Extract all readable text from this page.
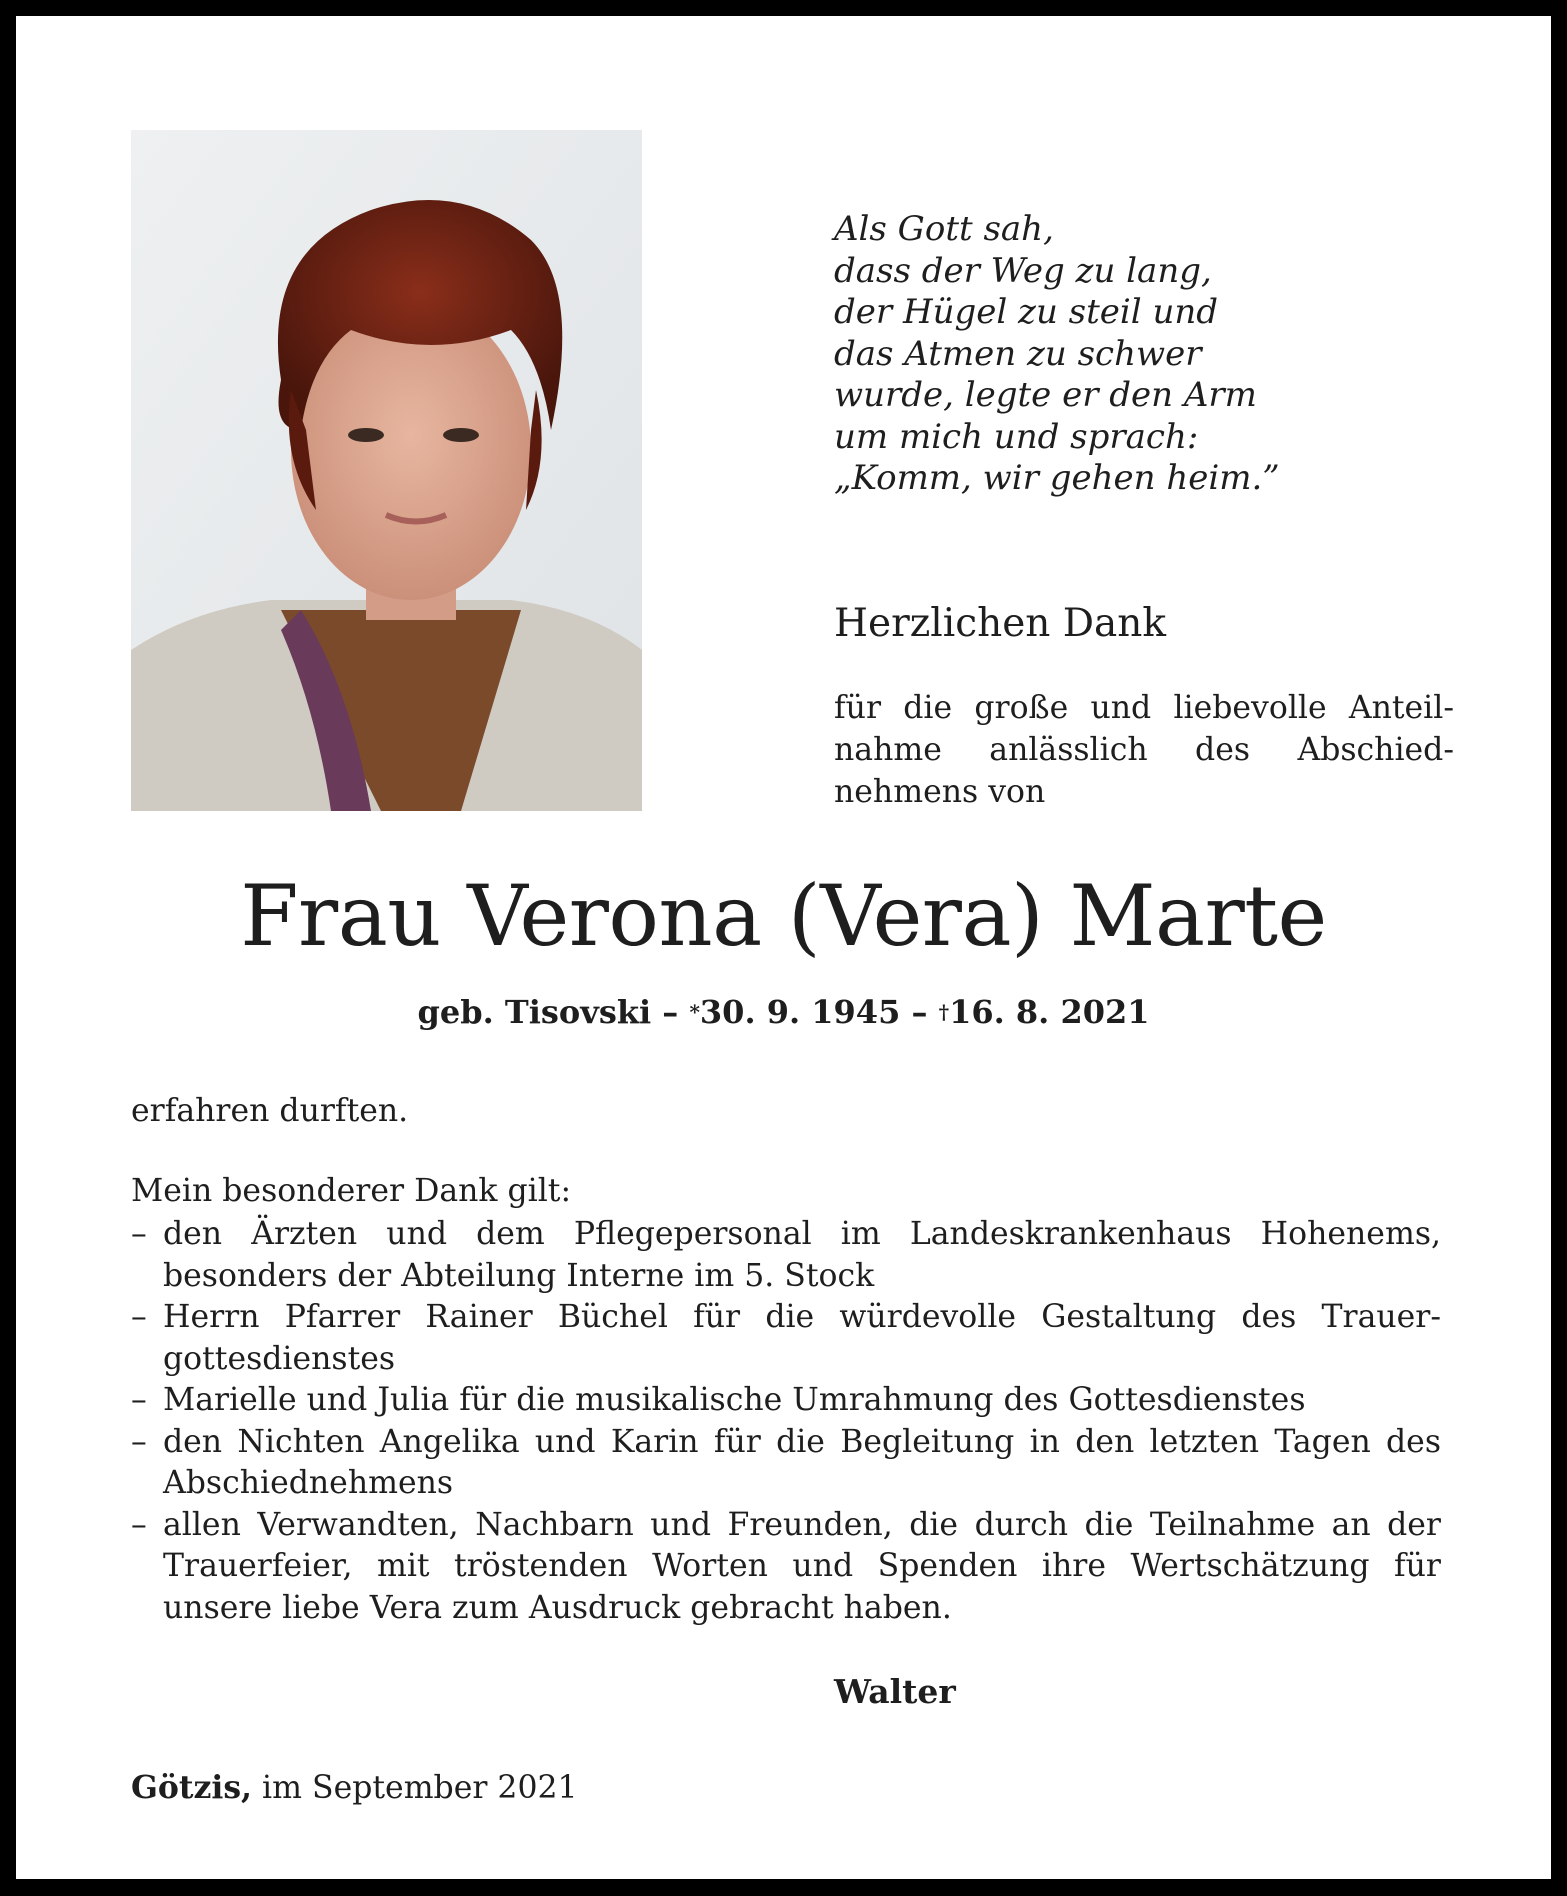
Als Gott sah,
dass der Weg zu lang,
der Hügel zu steil und
das Atmen zu schwer
wurde, legte er den Arm
um mich und sprach:
„Komm, wir gehen heim.”
Herzlichen Dank
für die große und liebevolle Anteilnahme anlässlich des Abschiednehmens von
Frau Verona (Vera) Marte
geb. Tisovski – *30. 9. 1945 – †16. 8. 2021
erfahren durften.
Mein besonderer Dank gilt:
– den Ärzten und dem Pflegepersonal im Landeskrankenhaus Hohenems, besonders der Abteilung Interne im 5. Stock
– Herrn Pfarrer Rainer Büchel für die würdevolle Gestaltung des Trauergottesdienstes
– Marielle und Julia für die musikalische Umrahmung des Gottesdienstes
– den Nichten Angelika und Karin für die Begleitung in den letzten Tagen des Abschiednehmens
– allen Verwandten, Nachbarn und Freunden, die durch die Teilnahme an der Trauerfeier, mit tröstenden Worten und Spenden ihre Wertschätzung für unsere liebe Vera zum Ausdruck gebracht haben.
Walter
Götzis, im September 2021
